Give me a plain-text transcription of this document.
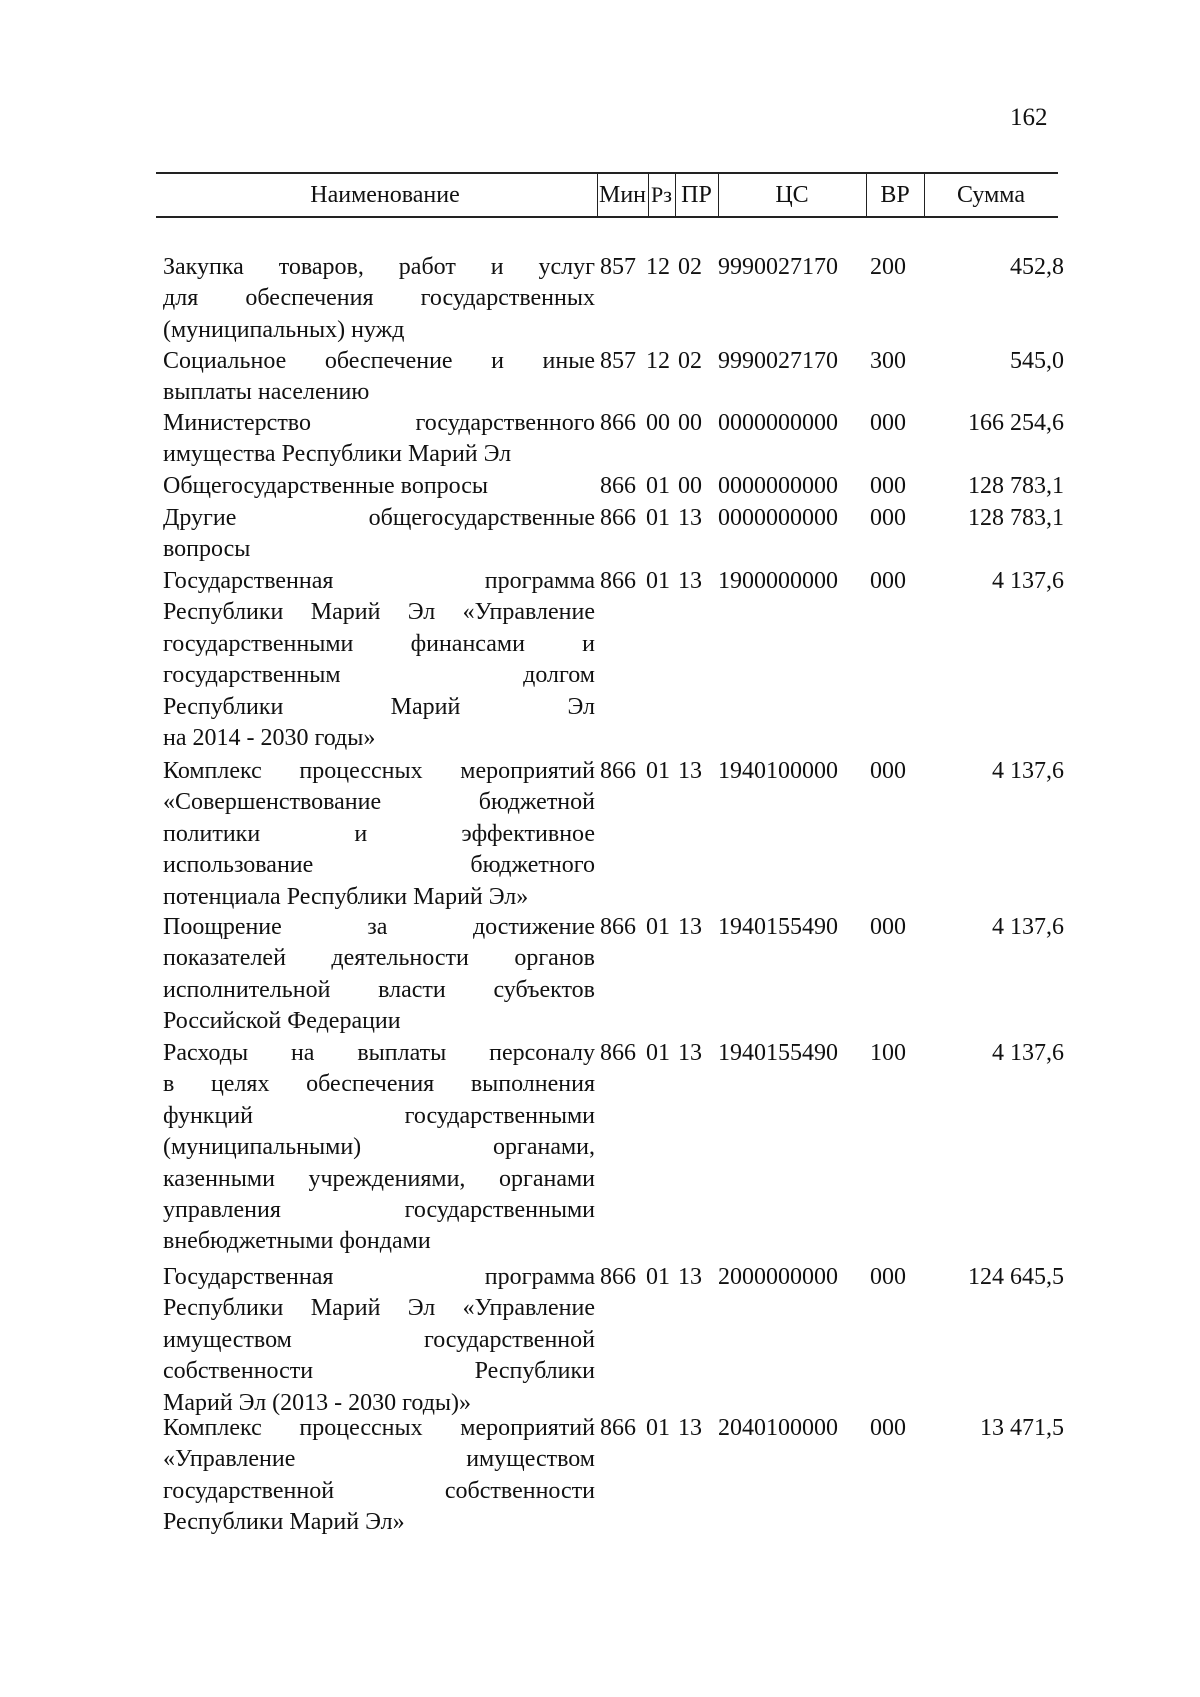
162
Наименование	Мин Рз ПР	ЦС	ВР	Сумма
Закупка товаров, работ и услуг
для обеспечения государственных
(муниципальных) нужд
857 12 02 9990027170	200	452,8
Социальное обеспечение и иные
выплаты населению
857 12 02 9990027170	300	545,0
Министерство государственного
имущества Республики Марий Эл
866 00 00 0000000000	000	166 254,6
Общегосударственные вопросы	866 01 00 0000000000	000	128 783,1
Другие общегосударственные
вопросы
866 01 13 0000000000	000	128 783,1
Государственная программа
Республики Марий Эл «Управление
государственными финансами и
государственным долгом
Республики Марий Эл
на 2014 - 2030 годы»
866 01 13 1900000000	000	4 137,6
Комплекс процессных мероприятий
«Совершенствование бюджетной
политики и эффективное
использование бюджетного
потенциала Республики Марий Эл»
866 01 13 1940100000	000	4 137,6
Поощрение за достижение
показателей деятельности органов
исполнительной власти субъектов
Российской Федерации
866 01 13 1940155490	000	4 137,6
Расходы на выплаты персоналу
в целях обеспечения выполнения
функций государственными
(муниципальными) органами,
казенными учреждениями, органами
управления государственными
внебюджетными фондами
866 01 13 1940155490	100	4 137,6
Государственная программа
Республики Марий Эл «Управление
имуществом государственной
собственности Республики
Марий Эл (2013 - 2030 годы)»
866 01 13 2000000000	000	124 645,5
Комплекс процессных мероприятий
«Управление имуществом
государственной собственности
Республики Марий Эл»
866 01 13 2040100000	000	13 471,5
